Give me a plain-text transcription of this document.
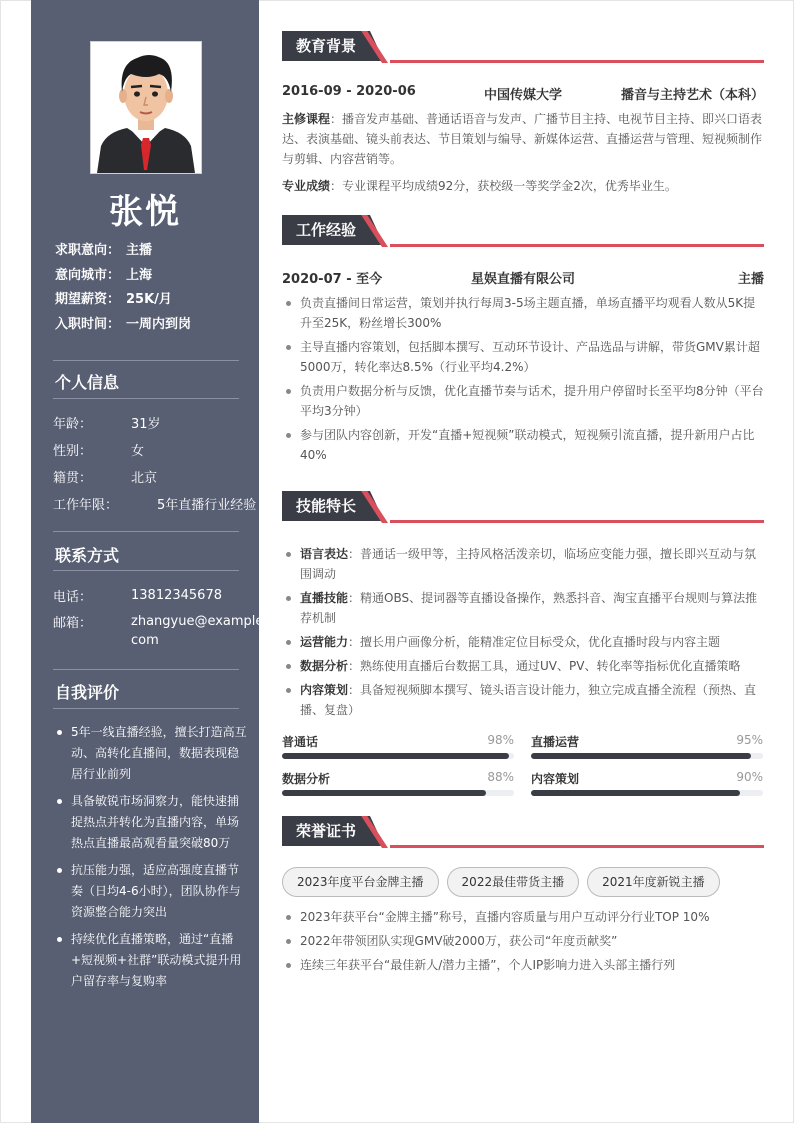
张悦
求职意向： 主播
意向城市： 上海
期望薪资： 25K/月
入职时间： 一周内到岗
个人信息
年龄：	31岁
性别：	女
籍贯：	北京
工作年限：	5年直播行业经验
联系方式
电话：	13812345678
邮箱：	zhangyue@example.com
自我评价
5年一线直播经验，擅长打造高互动、高转化直播间，数据表现稳居行业前列
具备敏锐市场洞察力，能快速捕捉热点并转化为直播内容，单场热点直播最高观看量突破80万
抗压能力强，适应高强度直播节奏（日均4-6小时），团队协作与资源整合能力突出
持续优化直播策略，通过“直播+短视频+社群”联动模式提升用户留存率与复购率
教育背景
2016-09 - 2020-06	中国传媒大学	播音与主持艺术（本科）
主修课程：播音发声基础、普通话语音与发声、广播节目主持、电视节目主持、即兴口语表达、表演基础、镜头前表达、节目策划与编导、新媒体运营、直播运营与管理、短视频制作与剪辑、内容营销等。
专业成绩：专业课程平均成绩92分，获校级一等奖学金2次，优秀毕业生。
工作经验
2020-07 - 至今	星娱直播有限公司	主播
负责直播间日常运营，策划并执行每周3-5场主题直播，单场直播平均观看人数从5K提升至25K，粉丝增长300%
主导直播内容策划，包括脚本撰写、互动环节设计、产品选品与讲解，带货GMV累计超5000万，转化率达8.5%（行业平均4.2%）
负责用户数据分析与反馈，优化直播节奏与话术，提升用户停留时长至平均8分钟（平台平均3分钟）
参与团队内容创新，开发“直播+短视频”联动模式，短视频引流直播，提升新用户占比40%
技能特长
语言表达：普通话一级甲等，主持风格活泼亲切，临场应变能力强，擅长即兴互动与氛围调动
直播技能：精通OBS、提词器等直播设备操作，熟悉抖音、淘宝直播平台规则与算法推荐机制
运营能力：擅长用户画像分析，能精准定位目标受众，优化直播时段与内容主题
数据分析：熟练使用直播后台数据工具，通过UV、PV、转化率等指标优化直播策略
内容策划：具备短视频脚本撰写、镜头语言设计能力，独立完成直播全流程（预热、直播、复盘）
普通话	98% 直播运营	95%
数据分析	88% 内容策划	90%
荣誉证书
2023年度平台金牌主播	2022最佳带货主播	2021年度新锐主播
2023年获平台“金牌主播”称号，直播内容质量与用户互动评分行业TOP 10%
2022年带领团队实现GMV破2000万，获公司“年度贡献奖”
连续三年获平台“最佳新人/潜力主播”，个人IP影响力进入头部主播行列
